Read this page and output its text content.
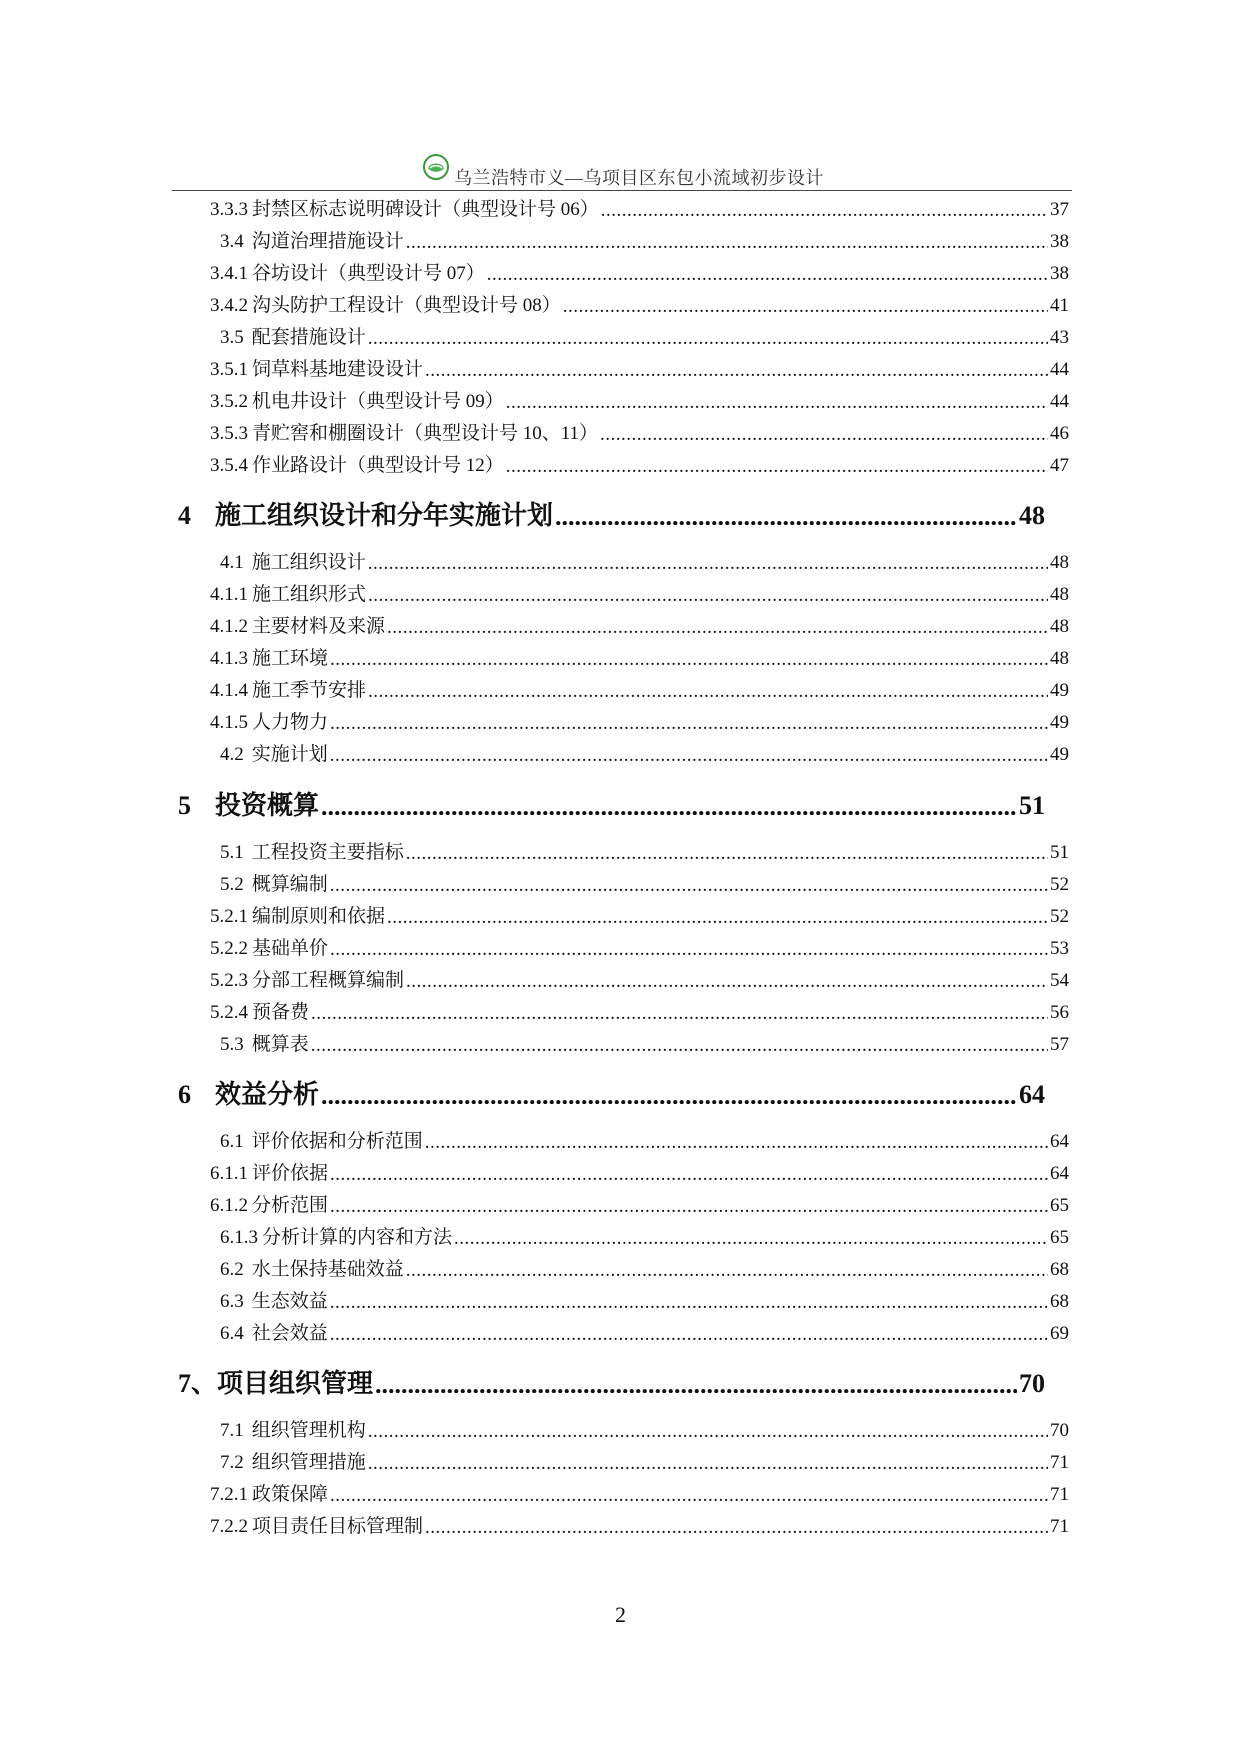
乌兰浩特市义—乌项目区东包小流域初步设计
3.3.3 封禁区标志说明碑设计（典型设计号 06） .....	37
3.4 沟道治理措施设计 .....	38
3.4.1 谷坊设计（典型设计号 07） .....	38
3.4.2 沟头防护工程设计（典型设计号 08） .....	41
3.5 配套措施设计 .....	43
3.5.1 饲草料基地建设设计 .....	44
3.5.2 机电井设计（典型设计号 09） .....	44
3.5.3 青贮窖和棚圈设计（典型设计号 10、11） .....	46
3.5.4 作业路设计（典型设计号 12） .....	47
4 施工组织设计和分年实施计划 .....	48
4.1 施工组织设计 .....	48
4.1.1 施工组织形式 .....	48
4.1.2 主要材料及来源 .....	48
4.1.3 施工环境 .....	48
4.1.4 施工季节安排 .....	49
4.1.5 人力物力 .....	49
4.2 实施计划 .....	49
5 投资概算 .....	51
5.1 工程投资主要指标 .....	51
5.2 概算编制 .....	52
5.2.1 编制原则和依据 .....	52
5.2.2 基础单价 .....	53
5.2.3 分部工程概算编制 .....	54
5.2.4 预备费 .....	56
5.3 概算表 .....	57
6 效益分析 .....	64
6.1 评价依据和分析范围 .....	64
6.1.1 评价依据 .....	64
6.1.2 分析范围 .....	65
6.1.3 分析计算的内容和方法 .....	65
6.2 水土保持基础效益 .....	68
6.3 生态效益 .....	68
6.4 社会效益 .....	69
7、 项目组织管理 .....	70
7.1 组织管理机构 .....	70
7.2 组织管理措施 .....	71
7.2.1 政策保障 .....	71
7.2.2 项目责任目标管理制 .....	71
2
